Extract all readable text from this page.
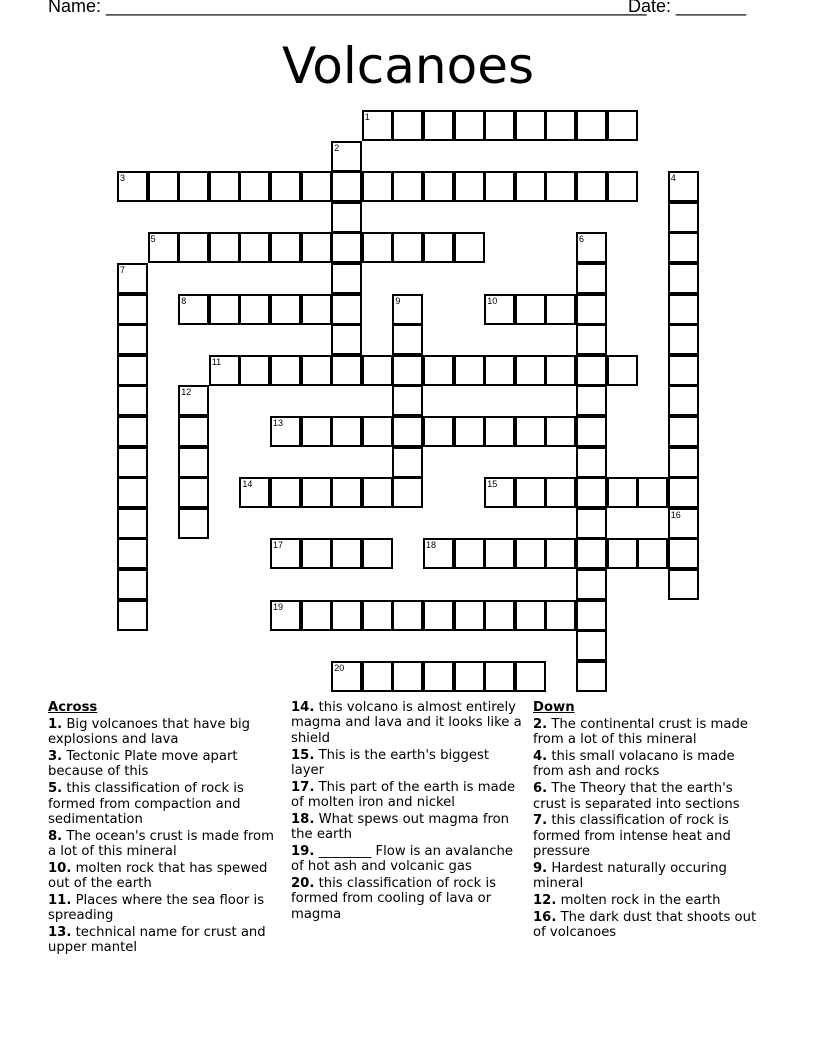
Name: ______________________________________________________
Date: _______
Volcanoes
1
2
3	4
5	6
7
8	9	10
11
12
13
14	15
16
17	18
19
20
Across
1. Big volcanoes that have big explosions and lava
3. Tectonic Plate move apart because of this
5. this classification of rock is formed from compaction and sedimentation
8. The ocean's crust is made from a lot of this mineral
10. molten rock that has spewed out of the earth
11. Places where the sea floor is spreading
13. technical name for crust and upper mantel
14. this volcano is almost entirely magma and lava and it looks like a shield
15. This is the earth's biggest layer
17. This part of the earth is made of molten iron and nickel
18. What spews out magma fron the earth
19. ________ Flow is an avalanche of hot ash and volcanic gas
20. this classification of rock is formed from cooling of lava or magma
Down
2. The continental crust is made from a lot of this mineral
4. this small volacano is made from ash and rocks
6. The Theory that the earth's crust is separated into sections
7. this classification of rock is formed from intense heat and pressure
9. Hardest naturally occuring mineral
12. molten rock in the earth
16. The dark dust that shoots out of volcanoes
